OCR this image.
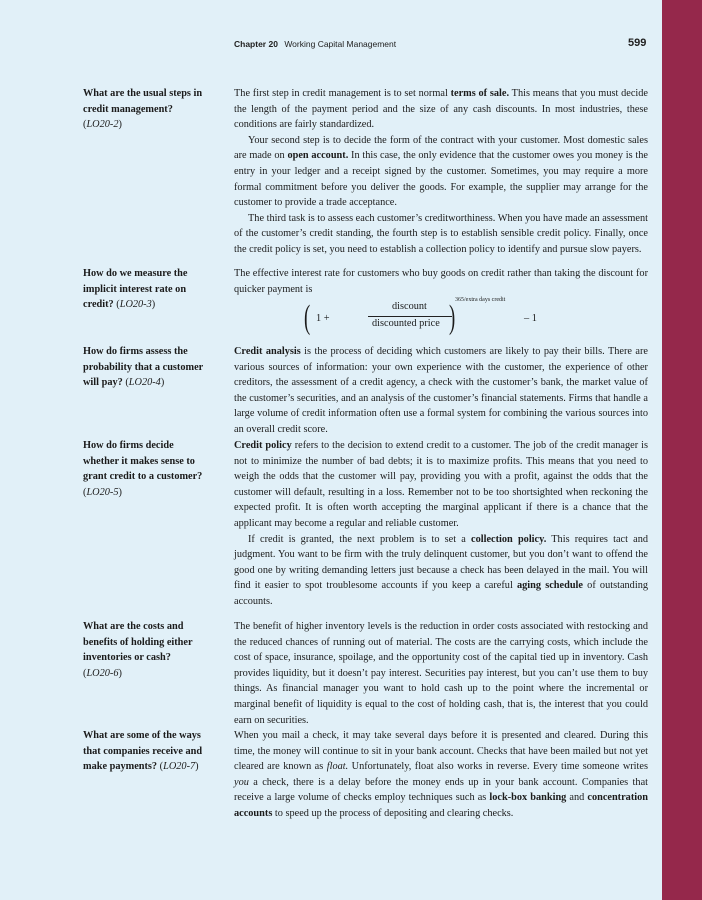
Chapter 20 Working Capital Management	599
What are the usual steps in
credit management?
(LO20-2)

The first step in credit management is to set normal terms of sale. This means that you must decide the length of the payment period and the size of any cash discounts. In most industries, these conditions are fairly standardized.

Your second step is to decide the form of the contract with your customer. Most domestic sales are made on open account. In this case, the only evidence that the customer owes you money is the entry in your ledger and a receipt signed by the customer. Sometimes, you may require a more formal commitment before you deliver the goods. For example, the supplier may arrange for the customer to provide a trade acceptance.

The third task is to assess each customer’s creditworthiness. When you have made an assessment of the customer’s credit standing, the fourth step is to establish sensible credit policy. Finally, once the credit policy is set, you need to establish a collection policy to identify and pursue slow payers.

How do we measure the
implicit interest rate on
credit? (LO20-3)

The effective interest rate for customers who buy goods on credit rather than taking the discount for quicker payment is

( 1 +
discount
discounted price ) 365/extra days credit
– 1
How do firms assess the
probability that a customer
will pay? (LO20-4)

Credit analysis is the process of deciding which customers are likely to pay their bills. There are various sources of information: your own experience with the customer, the experience of other creditors, the assessment of a credit agency, a check with the customer’s bank, the market value of the customer’s securities, and an analysis of the customer’s financial statements. Firms that handle a large volume of credit information often use a formal system for combining the various sources into an overall credit score.

How do firms decide
whether it makes sense to
grant credit to a customer?
(LO20-5)

Credit policy refers to the decision to extend credit to a customer. The job of the credit manager is not to minimize the number of bad debts; it is to maximize profits. This means that you need to weigh the odds that the customer will pay, providing you with a profit, against the odds that the customer will default, resulting in a loss. Remember not to be too shortsighted when reckoning the expected profit. It is often worth accepting the marginal applicant if there is a chance that the applicant may become a regular and reliable customer.

If credit is granted, the next problem is to set a collection policy. This requires tact and judgment. You want to be firm with the truly delinquent customer, but you don’t want to offend the good one by writing demanding letters just because a check has been delayed in the mail. You will find it easier to spot troublesome accounts if you keep a careful aging schedule of outstanding accounts.

What are the costs and
benefits of holding either
inventories or cash?
(LO20-6)

The benefit of higher inventory levels is the reduction in order costs associated with restocking and the reduced chances of running out of material. The costs are the carrying costs, which include the cost of space, insurance, spoilage, and the opportunity cost of the capital tied up in inventory. Cash provides liquidity, but it doesn’t pay interest. Securities pay interest, but you can’t use them to buy things. As financial manager you want to hold cash up to the point where the incremental or marginal benefit of liquidity is equal to the cost of holding cash, that is, the interest that you could earn on securities.

What are some of the ways
that companies receive and
make payments? (LO20-7)

When you mail a check, it may take several days before it is presented and cleared. During this time, the money will continue to sit in your bank account. Checks that have been mailed but not yet cleared are known as float. Unfortunately, float also works in reverse. Every time someone writes you a check, there is a delay before the money ends up in your bank account. Companies that receive a large volume of checks employ techniques such as lock-box banking and concentration accounts to speed up the process of depositing and clearing checks.
